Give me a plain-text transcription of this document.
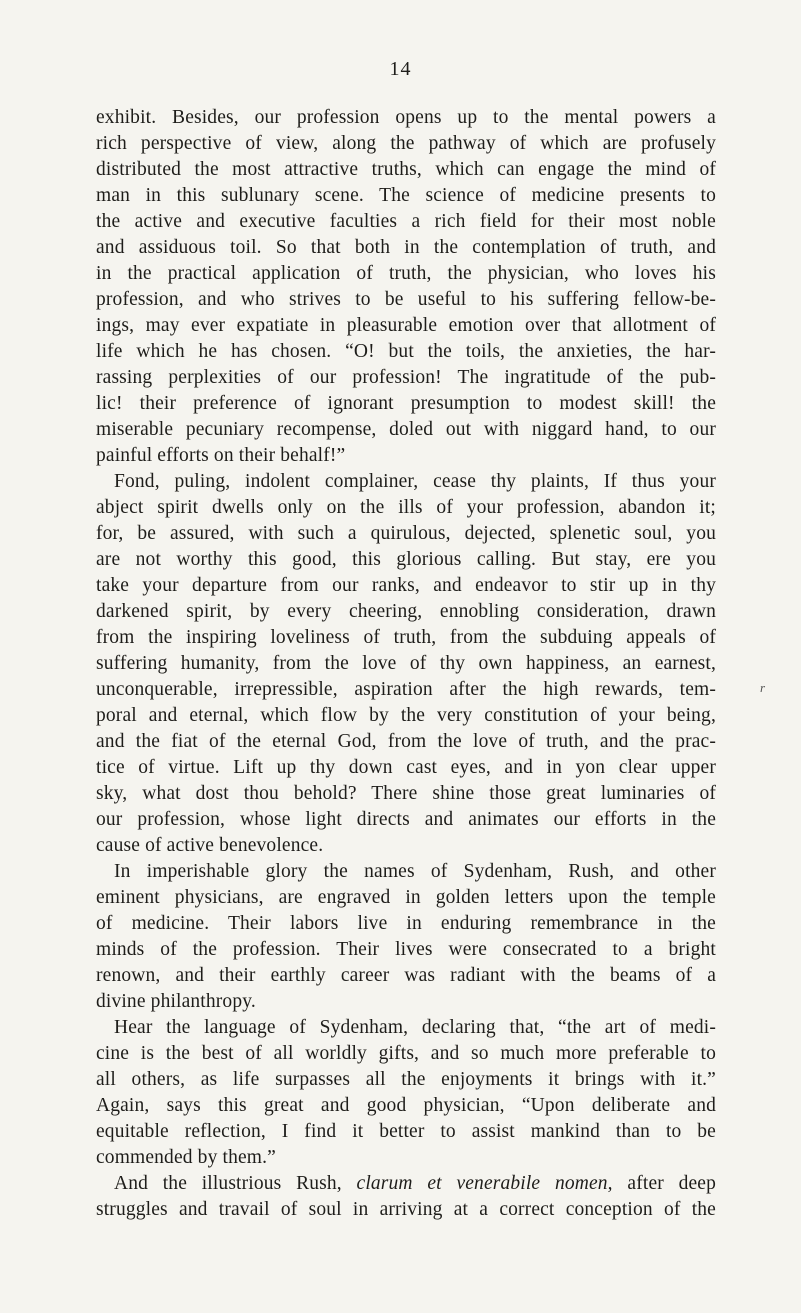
14
exhibit. Besides, our profession opens up to the mental powers a
rich perspective of view, along the pathway of which are profusely
distributed the most attractive truths, which can engage the mind of
man in this sublunary scene. The science of medicine presents to
the active and executive faculties a rich field for their most noble
and assiduous toil. So that both in the contemplation of truth, and
in the practical application of truth, the physician, who loves his
profession, and who strives to be useful to his suffering fellow-be-
ings, may ever expatiate in pleasurable emotion over that allotment of
life which he has chosen. “O! but the toils, the anxieties, the har-
rassing perplexities of our profession! The ingratitude of the pub-
lic! their preference of ignorant presumption to modest skill! the
miserable pecuniary recompense, doled out with niggard hand, to our
painful efforts on their behalf!”
Fond, puling, indolent complainer, cease thy plaints, If thus your
abject spirit dwells only on the ills of your profession, abandon it;
for, be assured, with such a quirulous, dejected, splenetic soul, you
are not worthy this good, this glorious calling. But stay, ere you
take your departure from our ranks, and endeavor to stir up in thy
darkened spirit, by every cheering, ennobling consideration, drawn
from the inspiring loveliness of truth, from the subduing appeals of
suffering humanity, from the love of thy own happiness, an earnest,
unconquerable, irrepressible, aspiration after the high rewards, tem-
poral and eternal, which flow by the very constitution of your being,
and the fiat of the eternal God, from the love of truth, and the prac-
tice of virtue. Lift up thy down cast eyes, and in yon clear upper
sky, what dost thou behold? There shine those great luminaries of
our profession, whose light directs and animates our efforts in the
cause of active benevolence.
In imperishable glory the names of Sydenham, Rush, and other
eminent physicians, are engraved in golden letters upon the temple
of medicine. Their labors live in enduring remembrance in the
minds of the profession. Their lives were consecrated to a bright
renown, and their earthly career was radiant with the beams of a
divine philanthropy.
Hear the language of Sydenham, declaring that, “the art of medi-
cine is the best of all worldly gifts, and so much more preferable to
all others, as life surpasses all the enjoyments it brings with it.”
Again, says this great and good physician, “Upon deliberate and
equitable reflection, I find it better to assist mankind than to be
commended by them.”
And the illustrious Rush, clarum et venerabile nomen, after deep
struggles and travail of soul in arriving at a correct conception of the
r
